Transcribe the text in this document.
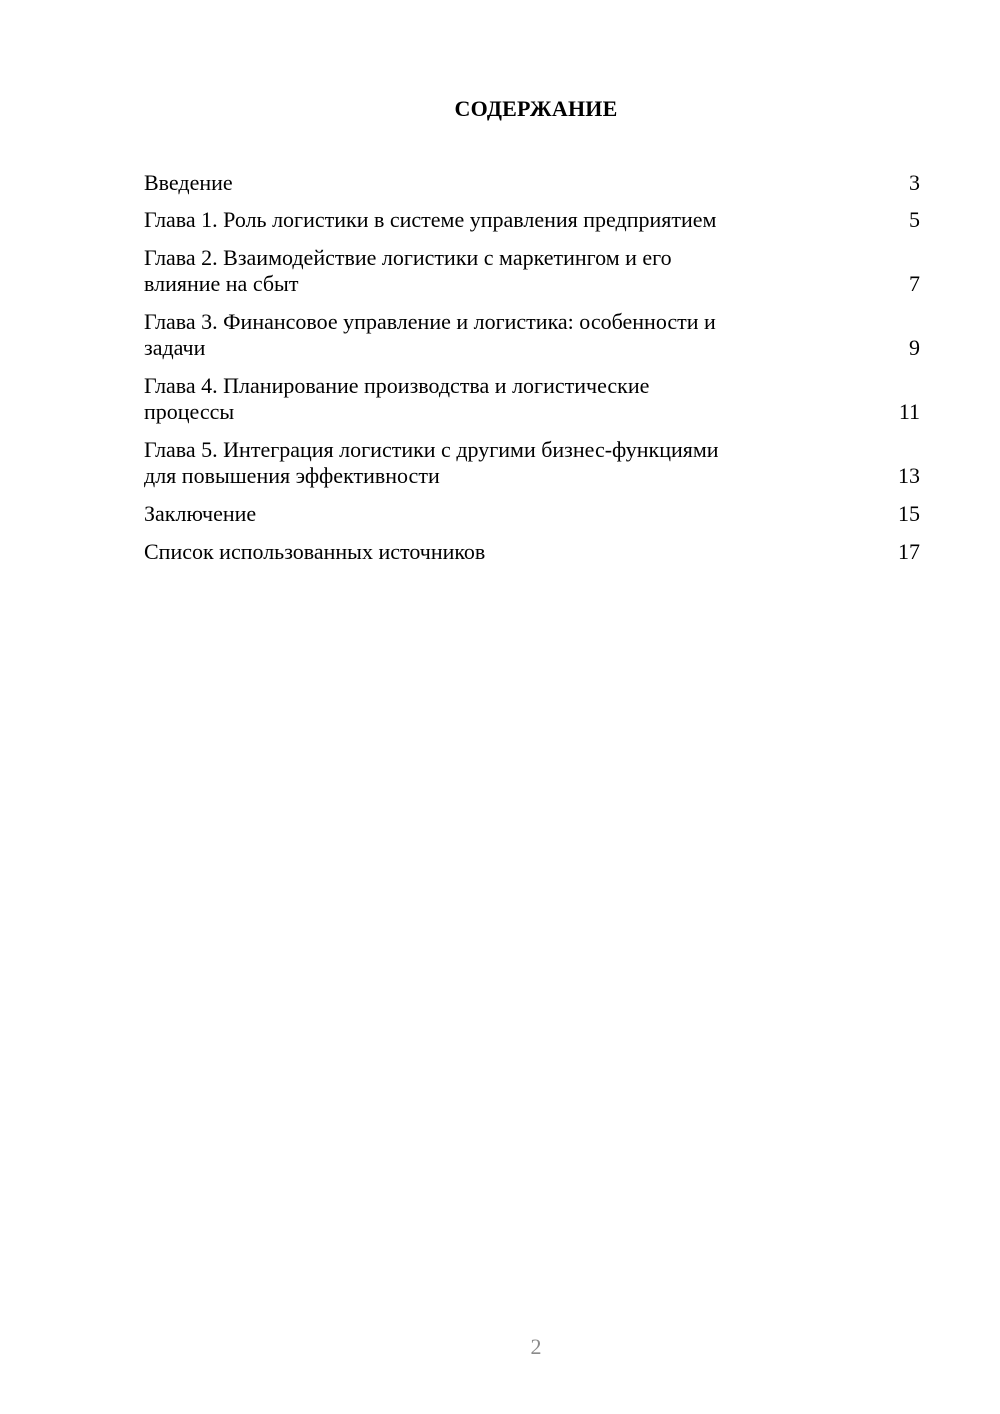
СОДЕРЖАНИЕ
Введение	3
Глава 1. Роль логистики в системе управления предприятием	5
Глава 2. Взаимодействие логистики с маркетингом и его
влияние на сбыт	7
Глава 3. Финансовое управление и логистика: особенности и
задачи	9
Глава 4. Планирование производства и логистические
процессы	11
Глава 5. Интеграция логистики с другими бизнес-функциями
для повышения эффективности	13
Заключение	15
Список использованных источников	17
2
